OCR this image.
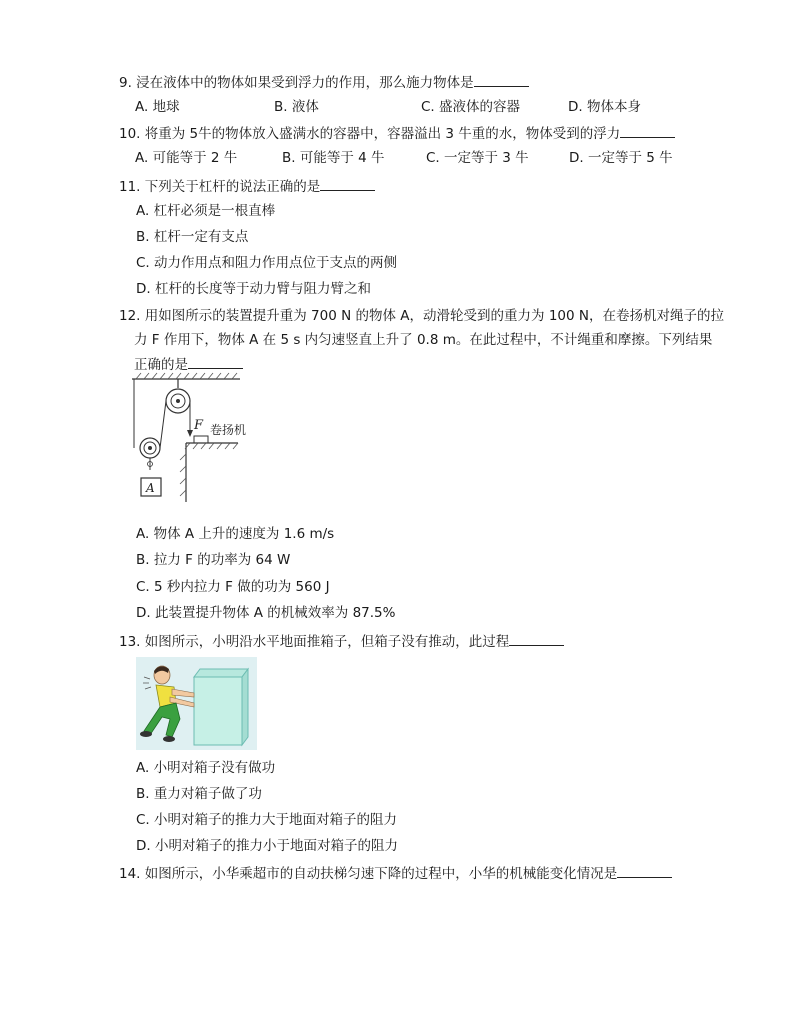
9. 浸在液体中的物体如果受到浮力的作用，那么施力物体是
A. 地球	B. 液体	C. 盛液体的容器	D. 物体本身
10. 将重为 5牛的物体放入盛满水的容器中，容器溢出 3 牛重的水，物体受到的浮力
A. 可能等于 2 牛	B. 可能等于 4 牛	C. 一定等于 3 牛	D. 一定等于 5 牛
11. 下列关于杠杆的说法正确的是
A. 杠杆必须是一根直棒
B. 杠杆一定有支点
C. 动力作用点和阻力作用点位于支点的两侧
D. 杠杆的长度等于动力臂与阻力臂之和
12. 用如图所示的装置提升重为 700 N 的物体 A，动滑轮受到的重力为 100 N，在卷扬机对绳子的拉
力 F 作用下，物体 A 在 5 s 内匀速竖直上升了 0.8 m。在此过程中，不计绳重和摩擦。下列结果
正确的是
F 卷扬机
A
A. 物体 A 上升的速度为 1.6 m/s
B. 拉力 F 的功率为 64 W
C. 5 秒内拉力 F 做的功为 560 J
D. 此装置提升物体 A 的机械效率为 87.5%
13. 如图所示，小明沿水平地面推箱子，但箱子没有推动，此过程
A. 小明对箱子没有做功
B. 重力对箱子做了功
C. 小明对箱子的推力大于地面对箱子的阻力
D. 小明对箱子的推力小于地面对箱子的阻力
14. 如图所示，小华乘超市的自动扶梯匀速下降的过程中，小华的机械能变化情况是
